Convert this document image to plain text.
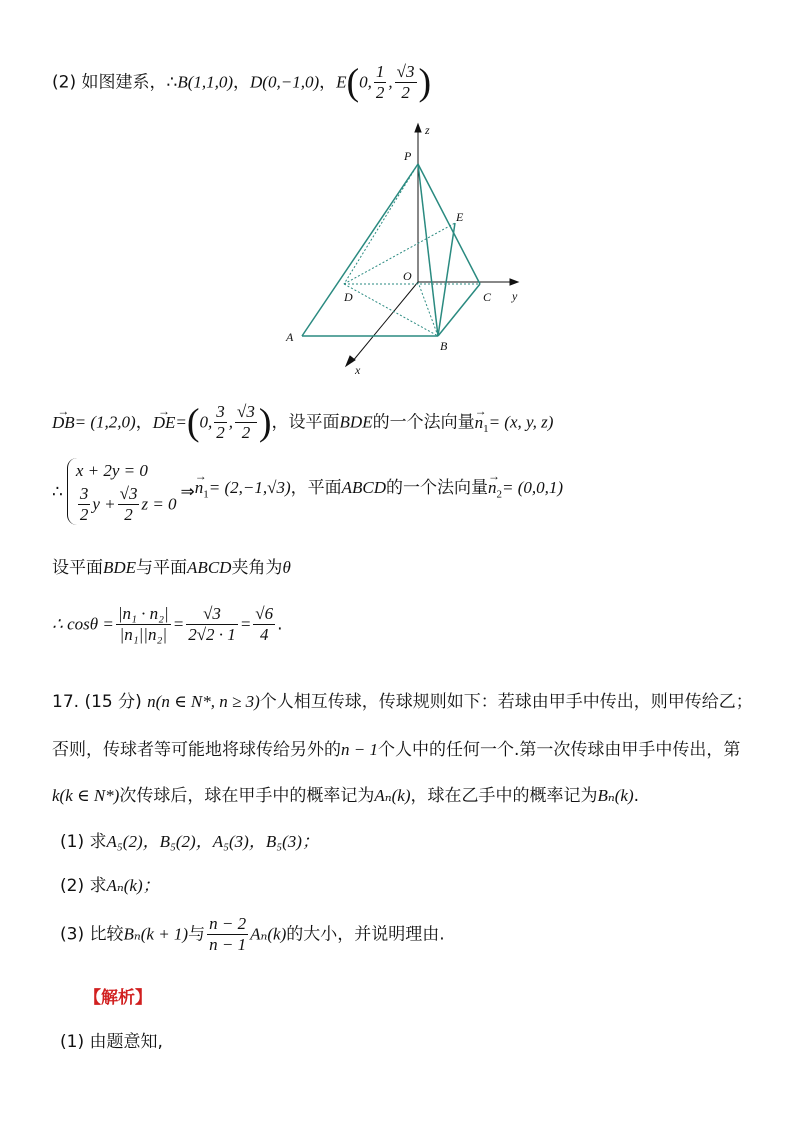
(2) 如图建系，∴B(1,1,0)，D(0,−1,0)，E(0, $\frac{1}{2}$ , $\frac{√3}{2}$ )
P
E
O
D	C
A
B
x
y
z
→ DB= (1,2,0)，→ DE=(0, $\frac{3}{2}$ , $\frac{√3}{2}$ )，设平面BDE的一个法向量→ $n_1= (x$, y, z)
∴
x + 2y = 0
$\frac{3}{2}$ $y + \frac{√3}{2}$ z = 0
⇒→ $n_1= (2,-1,√3)$，平面ABCD的一个法向量→ $n_2= (0,0,1)$
设平面BDE与平面ABCD夹角为θ
∴ $\cos\theta = \frac{\text{|n₁ · n₂|}}{\text{|n₁||n₂|}} = \frac{√3}{2√2 \cdot 1} = \frac{√6}{4}$ .
17. (15 分) n(n ∈ N*, n ≥ 3)个人相互传球，传球规则如下：若球由甲手中传出，则甲传给乙；
否则，传球者等可能地将球传给另外的n − 1个人中的任何一个.第一次传球由甲手中传出，第
k(k ∈ N*)次传球后，球在甲手中的概率记为Aₙ(k)，球在乙手中的概率记为Bₙ(k).
(1) 求A₅(2)，B₅(2)，A₅(3)，B₅(3)；
(2) 求Aₙ(k)；
(3) 比较Bₙ(k + 1)与 $\frac{n - 2}{n - 1} A_n(k)$的大小，并说明理由.
【解析】
(1) 由题意知,
